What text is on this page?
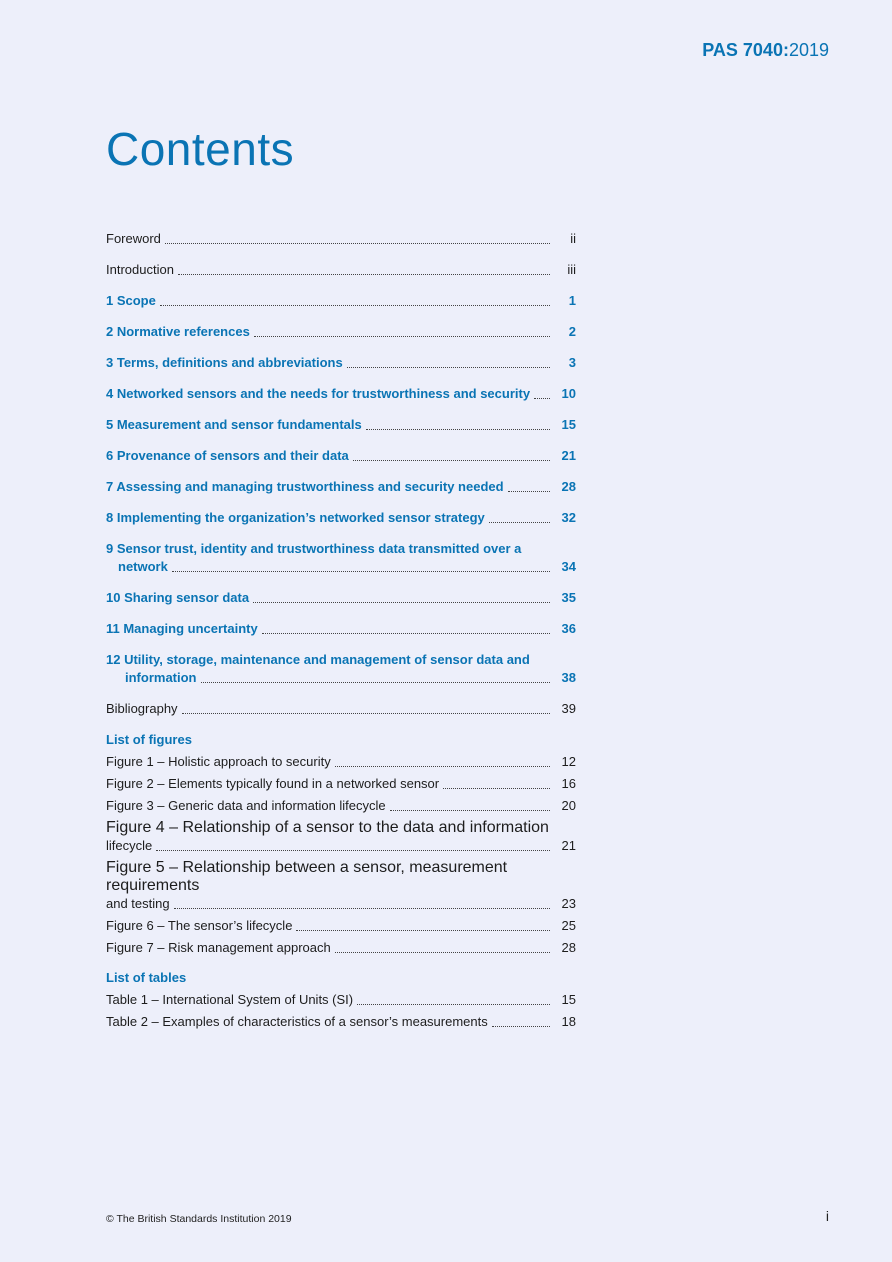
PAS 7040:2019
Contents
Foreword	ii
Introduction	iii
1 Scope	1
2 Normative references	2
3 Terms, definitions and abbreviations	3
4 Networked sensors and the needs for trustworthiness and security	10
5 Measurement and sensor fundamentals	15
6 Provenance of sensors and their data	21
7 Assessing and managing trustworthiness and security needed	28
8 Implementing the organization’s networked sensor strategy	32
9 Sensor trust, identity and trustworthiness data transmitted over a
network	34
10 Sharing sensor data	35
11 Managing uncertainty	36
12 Utility, storage, maintenance and management of sensor data and
information	38
Bibliography	39
List of figures
Figure 1 – Holistic approach to security	12
Figure 2 – Elements typically found in a networked sensor	16
Figure 3 – Generic data and information lifecycle	20
Figure 4 – Relationship of a sensor to the data and information
lifecycle	21
Figure 5 – Relationship between a sensor, measurement requirements
and testing	23
Figure 6 – The sensor’s lifecycle	25
Figure 7 – Risk management approach	28
List of tables
Table 1 – International System of Units (SI)	15
Table 2 – Examples of characteristics of a sensor’s measurements	18
© The British Standards Institution 2019	i
